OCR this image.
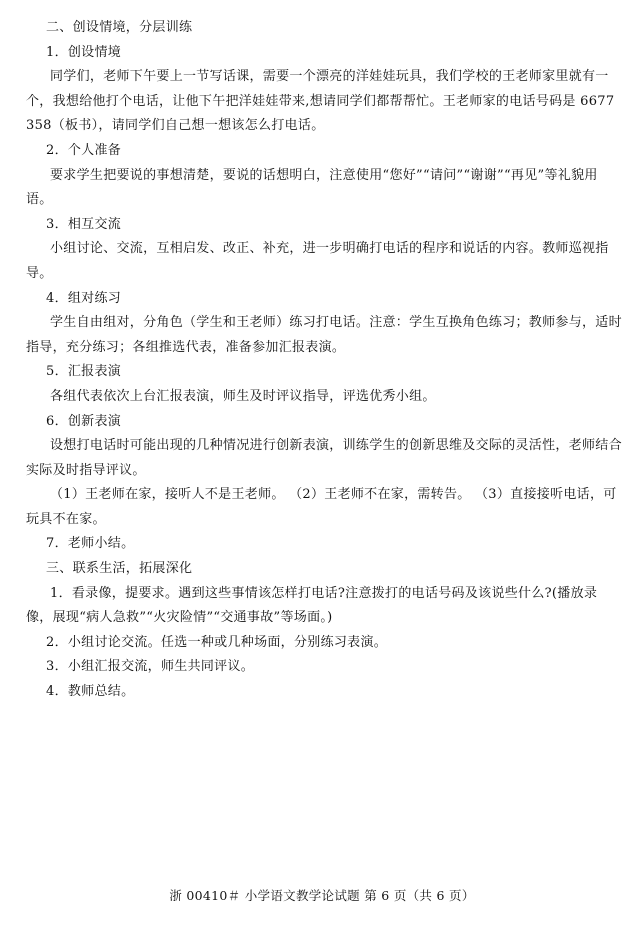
二、创设情境，分层训练

1．创设情境

同学们，老师下午要上一节写话课，需要一个漂亮的洋娃娃玩具，我们学校的王老师家里就有一个，我想给他打个电话，让他下午把洋娃娃带来,想请同学们都帮帮忙。王老师家的电话号码是 6677358（板书），请同学们自己想一想该怎么打电话。

2．个人准备

要求学生把要说的事想清楚，要说的话想明白，注意使用“您好”“请问”“谢谢”“再见”等礼貌用语。

3．相互交流

小组讨论、交流，互相启发、改正、补充，进一步明确打电话的程序和说话的内容。教师巡视指导。

4．组对练习

学生自由组对，分角色（学生和王老师）练习打电话。注意：学生互换角色练习；教师参与，适时指导，充分练习；各组推选代表，准备参加汇报表演。

5．汇报表演

各组代表依次上台汇报表演，师生及时评议指导，评选优秀小组。

6．创新表演

设想打电话时可能出现的几种情况进行创新表演，训练学生的创新思维及交际的灵活性，老师结合实际及时指导评议。

（1）王老师在家，接听人不是王老师。 （2）王老师不在家，需转告。 （3）直接接听电话，可玩具不在家。

7．老师小结。

三、联系生活，拓展深化

1．看录像，提要求。遇到这些事情该怎样打电话?注意拨打的电话号码及该说些什么?(播放录像，展现“病人急救”“火灾险情”“交通事故”等场面。)

2．小组讨论交流。任选一种或几种场面，分别练习表演。

3．小组汇报交流，师生共同评议。

4．教师总结。

浙 00410＃ 小学语文教学论试题 第 6 页（共 6 页）
